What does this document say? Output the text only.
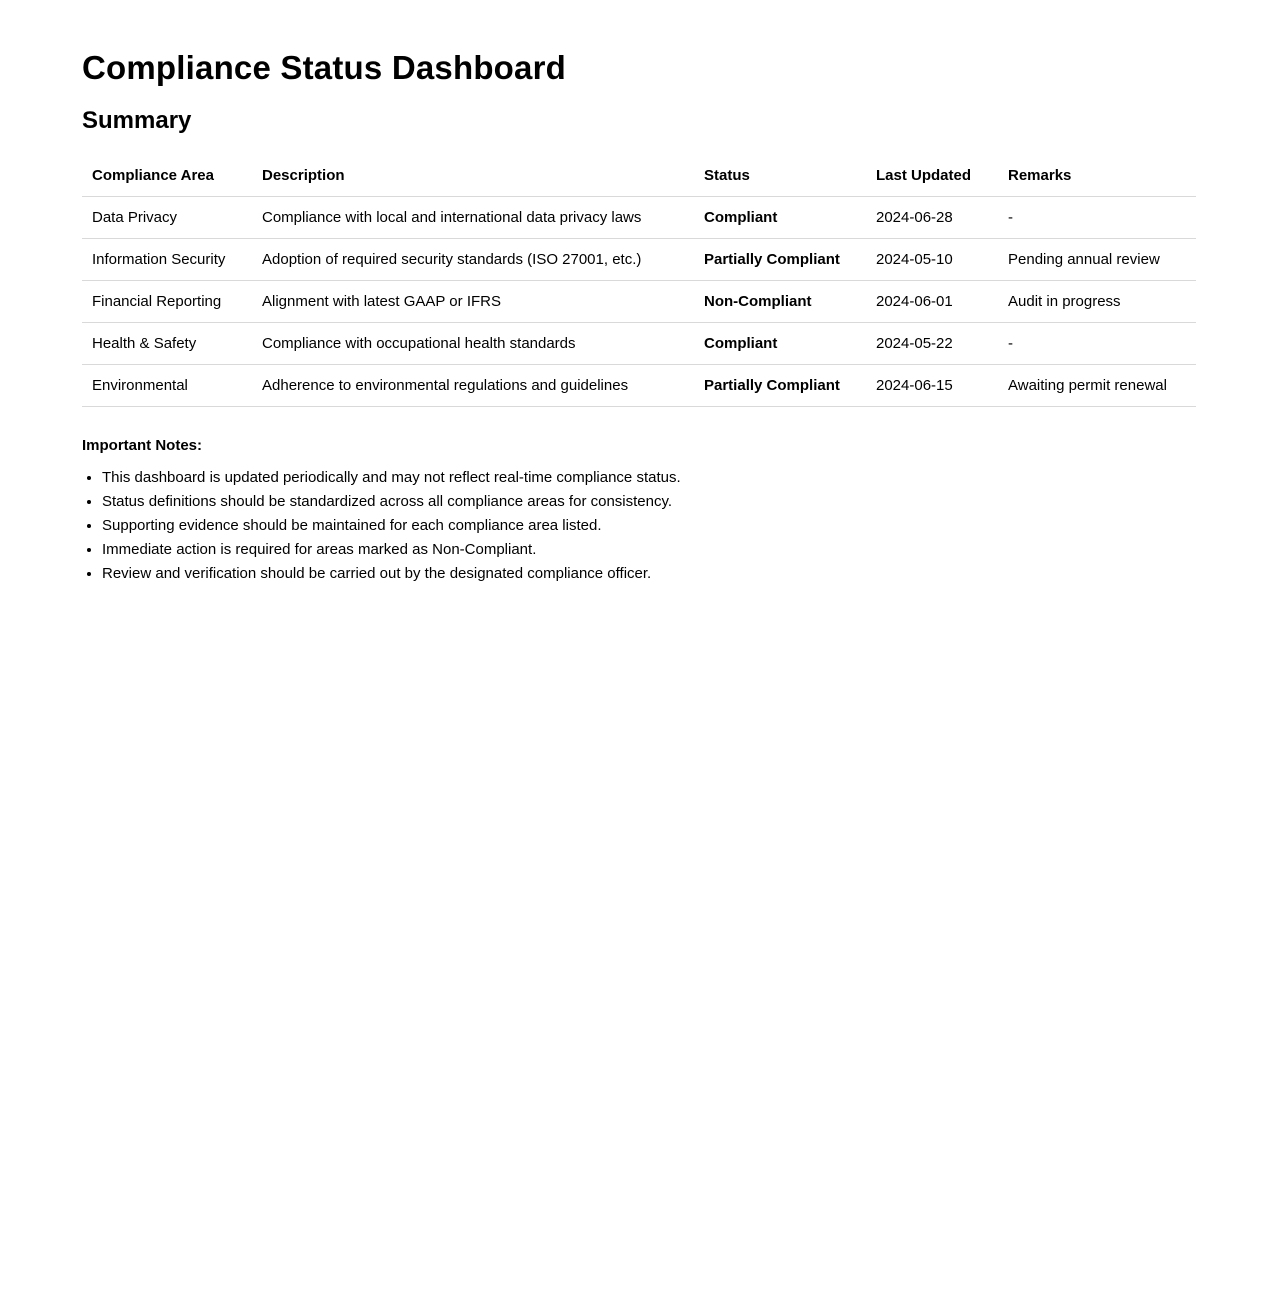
Compliance Status Dashboard
Summary
Compliance Area	Description	Status	Last Updated	Remarks
Data Privacy	Compliance with local and international data privacy laws	Compliant	2024-06-28	-
Information Security	Adoption of required security standards (ISO 27001, etc.)	Partially Compliant	2024-05-10	Pending annual review
Financial Reporting	Alignment with latest GAAP or IFRS	Non-Compliant	2024-06-01	Audit in progress
Health & Safety	Compliance with occupational health standards	Compliant	2024-05-22	-
Environmental	Adherence to environmental regulations and guidelines	Partially Compliant	2024-06-15	Awaiting permit renewal
Important Notes:
• This dashboard is updated periodically and may not reflect real-time compliance status.
• Status definitions should be standardized across all compliance areas for consistency.
• Supporting evidence should be maintained for each compliance area listed.
• Immediate action is required for areas marked as Non-Compliant.
• Review and verification should be carried out by the designated compliance officer.
